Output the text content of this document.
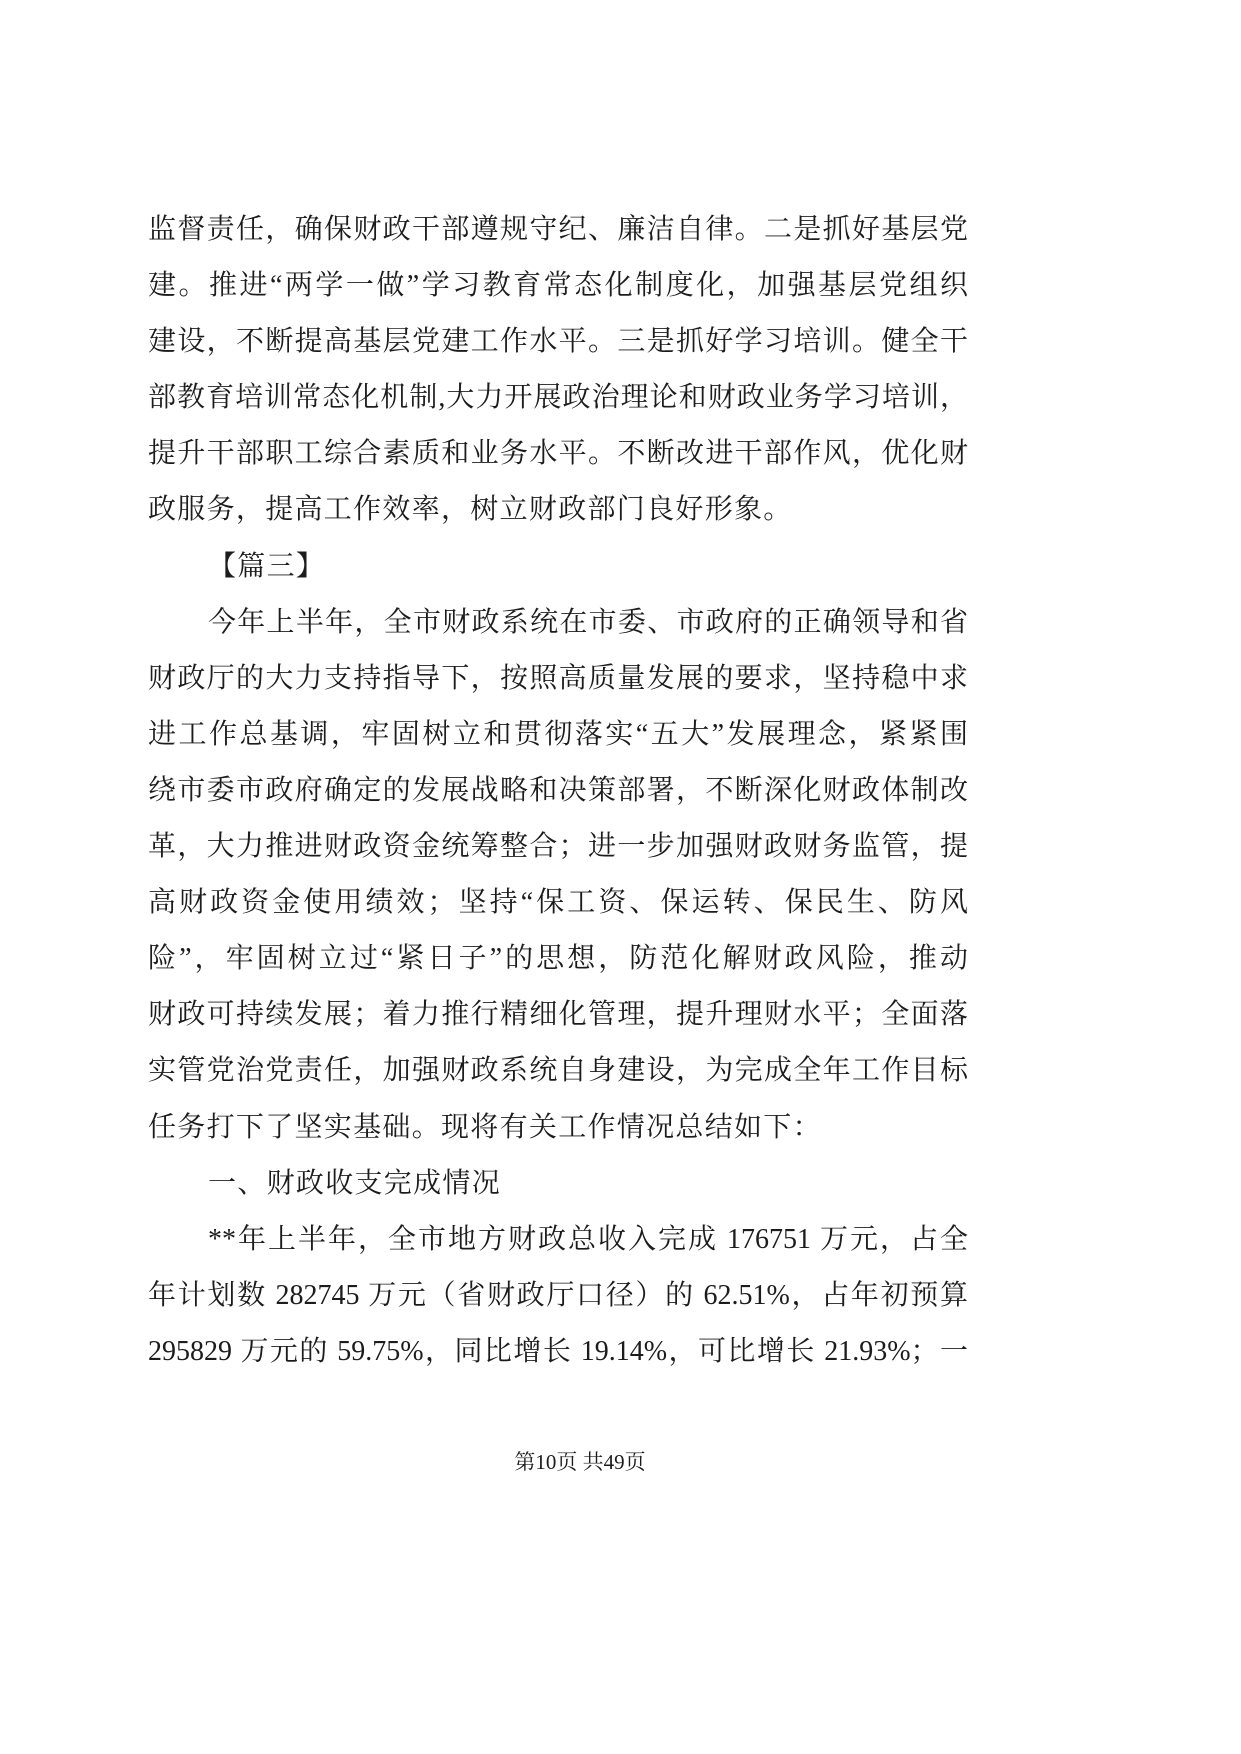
监督责任，确保财政干部遵规守纪、廉洁自律。二是抓好基层党
建。推进“两学一做”学习教育常态化制度化，加强基层党组织
建设，不断提高基层党建工作水平。三是抓好学习培训。健全干
部教育培训常态化机制,大力开展政治理论和财政业务学习培训，
提升干部职工综合素质和业务水平。不断改进干部作风，优化财
政服务，提高工作效率，树立财政部门良好形象。
【篇三】
今年上半年，全市财政系统在市委、市政府的正确领导和省
财政厅的大力支持指导下，按照高质量发展的要求，坚持稳中求
进工作总基调，牢固树立和贯彻落实“五大”发展理念，紧紧围
绕市委市政府确定的发展战略和决策部署，不断深化财政体制改
革，大力推进财政资金统筹整合；进一步加强财政财务监管，提
高财政资金使用绩效；坚持“保工资、保运转、保民生、防风
险”，牢固树立过“紧日子”的思想，防范化解财政风险，推动
财政可持续发展；着力推行精细化管理，提升理财水平；全面落
实管党治党责任，加强财政系统自身建设，为完成全年工作目标
任务打下了坚实基础。现将有关工作情况总结如下：
一、财政收支完成情况
**年上半年，全市地方财政总收入完成 176751 万元，占全
年计划数 282745 万元（省财政厅口径）的 62.51%，占年初预算
295829 万元的 59.75%，同比增长 19.14%，可比增长 21.93%；一
第10页 共49页
